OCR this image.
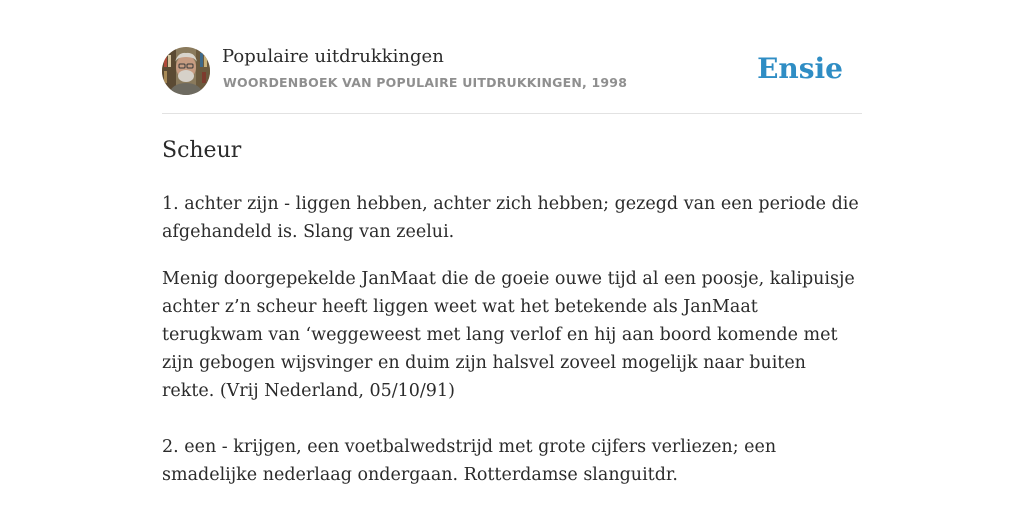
Populaire uitdrukkingen
WOORDENBOEK VAN POPULAIRE UITDRUKKINGEN, 1998	Ensie
Scheur

1. achter zijn - liggen hebben, achter zich hebben; gezegd van een periode die afgehandeld is. Slang van zeelui.

Menig doorgepekelde JanMaat die de goeie ouwe tijd al een poosje, kalipuisje achter z’n scheur heeft liggen weet wat het betekende als JanMaat terugkwam van ‘weggeweest met lang verlof en hij aan boord komende met zijn gebogen wijsvinger en duim zijn halsvel zoveel mogelijk naar buiten rekte. (Vrij Nederland, 05/10/91)

2. een - krijgen, een voetbalwedstrijd met grote cijfers verliezen; een smadelijke nederlaag ondergaan. Rotterdamse slanguitdr.
